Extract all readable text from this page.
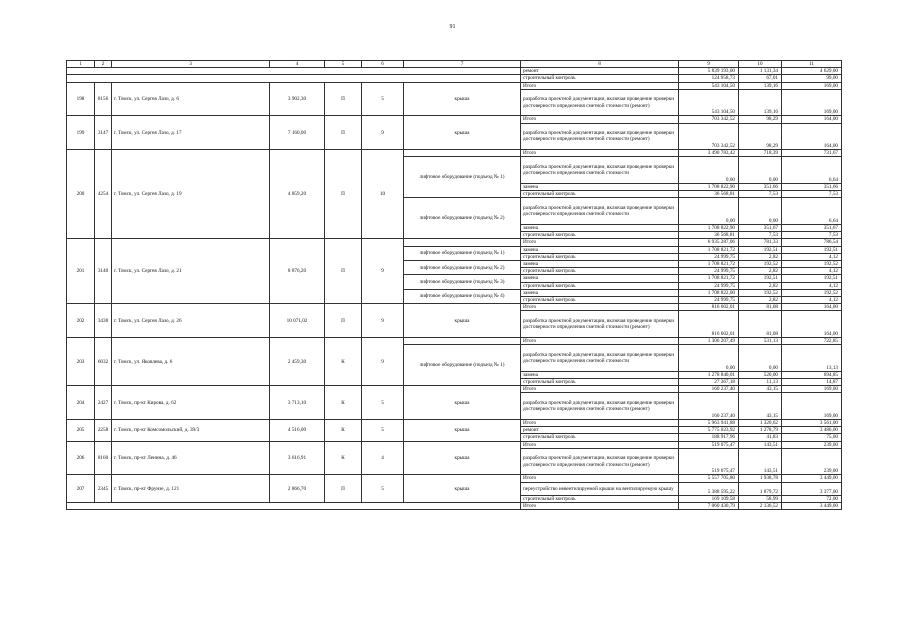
91
1	2	3	4	5	6	7	8	9	10	11
							ремонт	5 839 193,00	1 131,34	4 629,00
							строительный контроль	124 958,73	67,01	99,00
198	8156	г. Томск, ул. Сергея Лазо, д. 6	3 902,30	П	5	крыша	Итого	543 104,50	139,16	169,00
							разработка проектной документации, включая проведение проверки достоверности определения сметной стоимости (ремонт)	543 104,50	139,16	169,00
199	3147	г. Томск, ул. Сергея Лазо, д. 17	7 160,00	П	9	крыша	Итого	703 342,52	98,29	164,00
							разработка проектной документации, включая проведение проверки достоверности определения сметной стоимости (ремонт)	703 342,52	98,29	164,00
200	4254	г. Томск, ул. Сергея Лазо, д. 19	4 859,20	П	10		Итого	3 490 783,42	718,39	731,67
						лифтовое оборудование (подъезд № 1)	разработка проектной документации, включая проведение проверки достоверности определения сметной стоимости	0,00	0,00	6,64
							замена	1 708 822,90	351,66	351,66
							строительный контроль	36 568,81	7,53	7,53
						лифтовое оборудование (подъезд № 2)	разработка проектной документации, включая проведение проверки достоверности определения сметной стоимости	0,00	0,00	6,64
							замена	1 708 822,90	351,67	351,67
							строительный контроль	36 568,81	7,53	7,53
201	3140	г. Томск, ул. Сергея Лазо, д. 21	8 876,20	П	9		Итого	6 935 287,06	781,33	786,54
						лифтовое оборудование (подъезд № 1)	замена	1 708 821,72	192,51	192,51
							строительный контроль	24 999,75	2,82	4,12
						лифтовое оборудование (подъезд № 2)	замена	1 708 821,72	192,52	192,52
							строительный контроль	24 999,75	2,82	4,12
						лифтовое оборудование (подъезд № 3)	замена	1 708 821,72	192,51	192,51
							строительный контроль	24 999,75	2,82	4,12
						лифтовое оборудование (подъезд № 4)	замена	1 708 822,00	192,52	192,52
							строительный контроль	24 999,75	2,82	4,12
202	3438	г. Томск, ул. Сергея Лазо, д. 26	10 071,02	П	9	крыша	Итого	816 602,01	81,08	164,00
							разработка проектной документации, включая проведение проверки достоверности определения сметной стоимости (ремонт)	816 602,01	81,08	164,00
203	6032	г. Томск, ул. Яковлева, д. 6	2 459,30	К	9		Итого	1 306 207,49	531,13	722,85
						лифтовое оборудование (подъезд № 1)	разработка проектной документации, включая проведение проверки достоверности определения сметной стоимости	0,00	0,00	13,13
							замена	1 278 840,01	520,00	694,85
							строительный контроль	27 367,18	11,13	14,87
204	2427	г. Томск, пр-кт Кирова, д. 62	3 713,10	К	5	крыша	Итого	160 237,40	43,15	169,00
							разработка проектной документации, включая проведение проверки достоверности определения сметной стоимости (ремонт)	160 237,40	43,15	169,00
205	2258	г. Томск, пр-кт Комсомольский, д. 39/3	4 516,00	К	5	крыша	Итого	5 963 941,88	1 320,62	3 561,00
							ремонт	5 775 023,92	1 278,79	3 486,00
							строительный контроль	188 917,96	41,83	75,00
206	8160	г. Томск, пр-кт Ленина, д. 46	3 616,91	К	4	крыша	Итого	519 075,47	143,51	239,00
							разработка проектной документации, включая проведение проверки достоверности определения сметной стоимости (ремонт)	519 075,47	143,51	239,00
207	2345	г. Томск, пр-кт Фрунзе, д. 121	2 866,70	П	5	крыша	Итого	5 557 705,80	1 938,78	3 449,00
							переустройство невентилируемой крыши на вентилируемую крышу	5 388 595,22	1 879,72	3 377,00
							строительный контроль	169 109,58	58,99	72,00
							Итого	7 060 430,79	2 136,52	3 449,00
